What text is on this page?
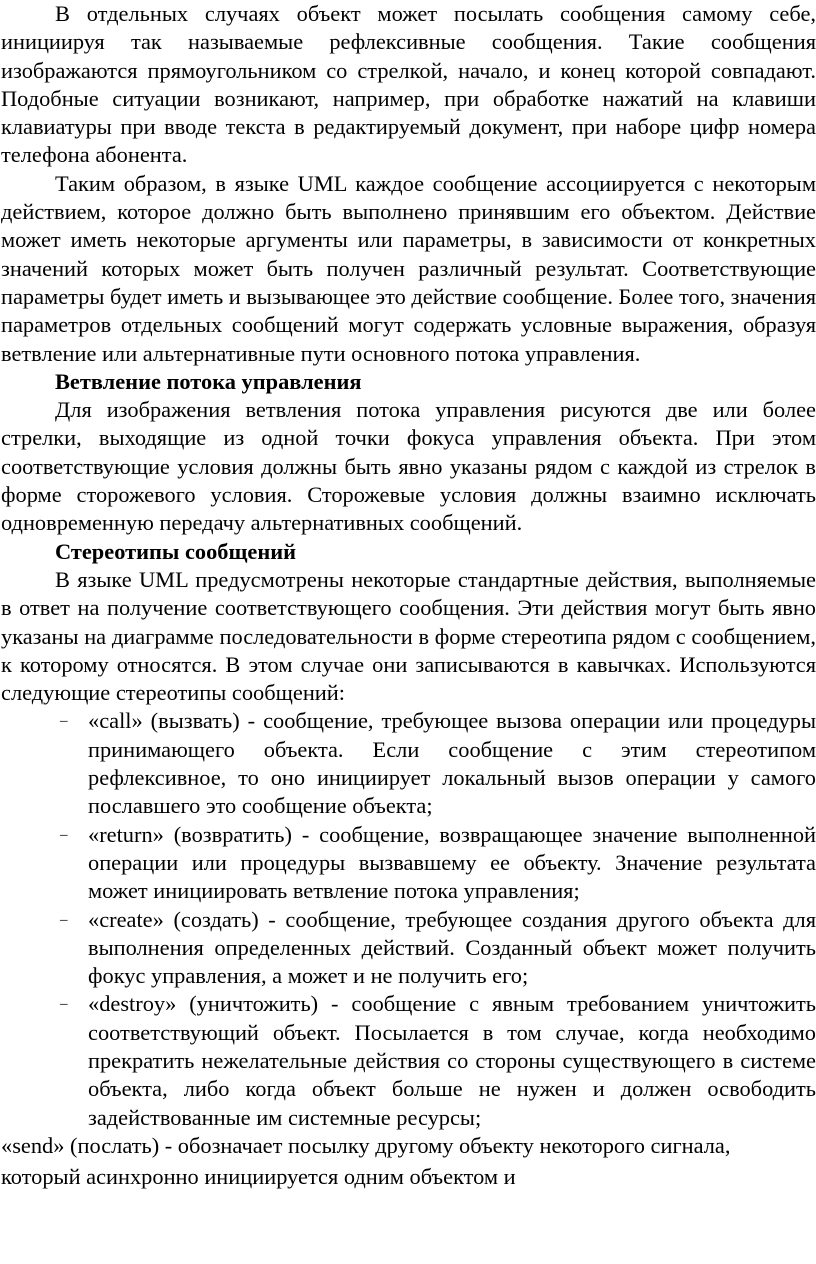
В отдельных случаях объект может посылать сообщения самому себе, инициируя так называемые рефлексивные сообщения. Такие сообщения изображаются прямоугольником со стрелкой, начало, и конец которой совпадают. Подобные ситуации возникают, например, при обработке нажатий на клавиши клавиатуры при вводе текста в редактируемый документ, при наборе цифр номера телефона абонента.

Таким образом, в языке UML каждое сообщение ассоциируется с некоторым действием, которое должно быть выполнено принявшим его объектом. Действие может иметь некоторые аргументы или параметры, в зависимости от конкретных значений которых может быть получен различный результат. Соответствующие параметры будет иметь и вызывающее это действие сообщение. Более того, значения параметров отдельных сообщений могут содержать условные выражения, образуя ветвление или альтернативные пути основного потока управления.

Ветвление потока управления

Для изображения ветвления потока управления рисуются две или более стрелки, выходящие из одной точки фокуса управления объекта. При этом соответствующие условия должны быть явно указаны рядом с каждой из стрелок в форме сторожевого условия. Сторожевые условия должны взаимно исключать одновременную передачу альтернативных сообщений.

Стереотипы сообщений

В языке UML предусмотрены некоторые стандартные действия, выполняемые в ответ на получение соответствующего сообщения. Эти действия могут быть явно указаны на диаграмме последовательности в форме стереотипа рядом с сообщением, к которому относятся. В этом случае они записываются в кавычках. Используются следующие стереотипы сообщений:

– «call» (вызвать) - сообщение, требующее вызова операции или процедуры принимающего объекта. Если сообщение с этим стереотипом рефлексивное, то оно инициирует локальный вызов операции у самого пославшего это сообщение объекта;
– «return» (возвратить) - сообщение, возвращающее значение выполненной операции или процедуры вызвавшему ее объекту. Значение результата может инициировать ветвление потока управления;
– «create» (создать) - сообщение, требующее создания другого объекта для выполнения определенных действий. Созданный объект может получить фокус управления, а может и не получить его;
– «destroy» (уничтожить) - сообщение с явным требованием уничтожить соответствующий объект. Посылается в том случае, когда необходимо прекратить нежелательные действия со стороны существующего в системе объекта, либо когда объект больше не нужен и должен освободить задействованные им системные ресурсы;

«send» (послать) - обозначает посылку другому объекту некоторого сигнала,

который асинхронно инициируется одним объектом и
